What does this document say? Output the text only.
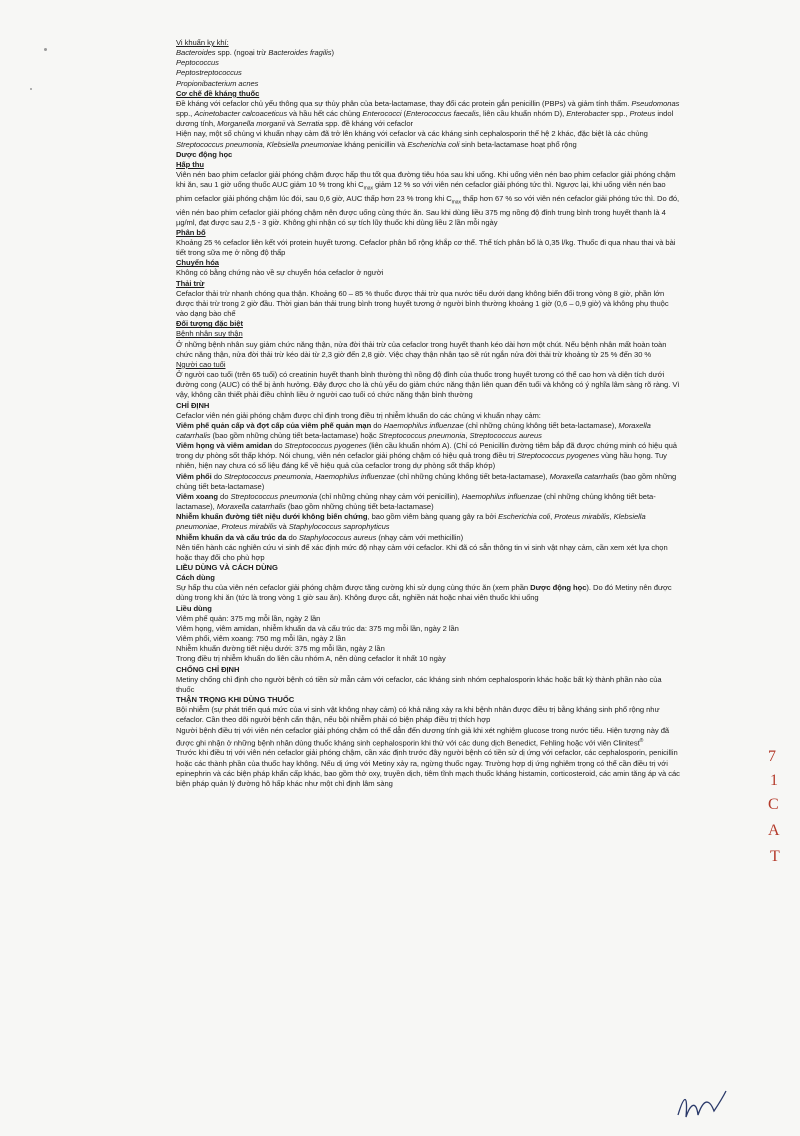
Vi khuẩn kỵ khí:

Bacteroides spp. (ngoại trừ Bacteroides fragilis)

Peptococcus

Peptostreptococcus

Propionibacterium acnes

Cơ chế đề kháng thuốc

Đề kháng với cefaclor chủ yếu thông qua sự thủy phân của beta-lactamase, thay đổi các protein gắn penicillin (PBPs) và giảm tính thấm. Pseudomonas spp., Acinetobacter calcoaceticus và hầu hết các chủng Enterococci (Enterococcus faecalis, liên cầu khuẩn nhóm D), Enterobacter spp., Proteus indol dương tính, Morganella morganii và Serratia spp. đề kháng với cefaclor

Hiện nay, một số chủng vi khuẩn nhạy cảm đã trở lên kháng với cefaclor và các kháng sinh cephalosporin thế hệ 2 khác, đặc biệt là các chủng Streptococcus pneumonia, Klebsiella pneumoniae kháng penicillin và Escherichia coli sinh beta-lactamase hoạt phổ rộng

Dược động học

Hấp thu

Viên nén bao phim cefaclor giải phóng chậm được hấp thu tốt qua đường tiêu hóa sau khi uống. Khi uống viên nén bao phim cefaclor giải phóng chậm khi ăn, sau 1 giờ uống thuốc AUC giảm 10 % trong khi $C_{max}$ giảm 12 % so với viên nén cefaclor giải phóng tức thì. Ngược lại, khi uống viên nén bao phim cefaclor giải phóng chậm lúc đói, sau 0,6 giờ, AUC thấp hơn 23 % trong khi $C_{max}$ thấp hơn 67 % so với viên nén cefaclor giải phóng tức thì. Do đó, viên nén bao phim cefaclor giải phóng chậm nên được uống cùng thức ăn. Sau khi dùng liều 375 mg nồng độ đỉnh trung bình trong huyết thanh là 4 µg/ml, đạt được sau 2,5 - 3 giờ. Không ghi nhận có sự tích lũy thuốc khi dùng liều 2 lần mỗi ngày

Phân bố

Khoảng 25 % cefaclor liên kết với protein huyết tương. Cefaclor phân bố rộng khắp cơ thể. Thể tích phân bố là 0,35 l/kg. Thuốc đi qua nhau thai và bài tiết trong sữa mẹ ở nồng độ thấp

Chuyển hóa

Không có bằng chứng nào về sự chuyển hóa cefaclor ở người

Thải trừ

Cefaclor thải trừ nhanh chóng qua thận. Khoảng 60 – 85 % thuốc được thải trừ qua nước tiểu dưới dạng không biến đổi trong vòng 8 giờ, phần lớn được thải trừ trong 2 giờ đầu. Thời gian bán thải trung bình trong huyết tương ở người bình thường khoảng 1 giờ (0,6 – 0,9 giờ) và không phụ thuộc vào dạng bào chế

Đối tượng đặc biệt

Bệnh nhân suy thận

Ở những bệnh nhân suy giảm chức năng thận, nửa đời thải trừ của cefaclor trong huyết thanh kéo dài hơn một chút. Nếu bệnh nhân mất hoàn toàn chức năng thận, nửa đời thải trừ kéo dài từ 2,3 giờ đến 2,8 giờ. Việc chạy thận nhân tạo sẽ rút ngắn nửa đời thải trừ khoảng từ 25 % đến 30 %

Người cao tuổi

Ở người cao tuổi (trên 65 tuổi) có creatinin huyết thanh bình thường thì nồng độ đỉnh của thuốc trong huyết tương có thể cao hơn và diện tích dưới đường cong (AUC) có thể bị ảnh hưởng. Đây được cho là chủ yếu do giảm chức năng thận liên quan đến tuổi và không có ý nghĩa lâm sàng rõ ràng. Vì vậy, không cần thiết phải điều chỉnh liều ở người cao tuổi có chức năng thận bình thường

CHỈ ĐỊNH

Cefaclor viên nén giải phóng chậm được chỉ định trong điều trị nhiễm khuẩn do các chủng vi khuẩn nhạy cảm:

Viêm phế quản cấp và đợt cấp của viêm phế quản mạn do Haemophilus influenzae (chỉ những chủng không tiết beta-lactamase), Moraxella catarrhalis (bao gồm những chủng tiết beta-lactamase) hoặc Streptococcus pneumonia, Streptococcus aureus

Viêm họng và viêm amidan do Streptococcus pyogenes (liên cầu khuẩn nhóm A). (Chỉ có Penicillin đường tiêm bắp đã được chứng minh có hiệu quả trong dự phòng sốt thấp khớp. Nói chung, viên nén cefaclor giải phóng chậm có hiệu quả trong điều trị Streptococcus pyogenes vùng hầu họng. Tuy nhiên, hiện nay chưa có số liệu đáng kể về hiệu quả của cefaclor trong dự phòng sốt thấp khớp)

Viêm phổi do Streptococcus pneumonia, Haemophilus influenzae (chỉ những chủng không tiết beta-lactamase), Moraxella catarrhalis (bao gồm những chủng tiết beta-lactamase)

Viêm xoang do Streptococcus pneumonia (chỉ những chủng nhạy cảm với penicillin), Haemophilus influenzae (chỉ những chủng không tiết beta-lactamase), Moraxella catarrhalis (bao gồm những chủng tiết beta-lactamase)

Nhiễm khuẩn đường tiết niệu dưới không biến chứng, bao gồm viêm bàng quang gây ra bởi Escherichia coli, Proteus mirabilis, Klebsiella pneumoniae, Proteus mirabilis và Staphylococcus saprophyticus

Nhiễm khuẩn da và cấu trúc da do Staphylococcus aureus (nhạy cảm với methicillin)

Nên tiến hành các nghiên cứu vi sinh để xác định mức độ nhạy cảm với cefaclor. Khi đã có sẵn thông tin vi sinh vật nhạy cảm, cần xem xét lựa chọn hoặc thay đổi cho phù hợp

LIỀU DÙNG VÀ CÁCH DÙNG

Cách dùng

Sự hấp thu của viên nén cefaclor giải phóng chậm được tăng cường khi sử dụng cùng thức ăn (xem phần Dược động học). Do đó Metiny nên được dùng trong khi ăn (tức là trong vòng 1 giờ sau ăn). Không được cắt, nghiền nát hoặc nhai viên thuốc khi uống

Liều dùng

Viêm phế quản: 375 mg mỗi lần, ngày 2 lần

Viêm họng, viêm amidan, nhiễm khuẩn da và cấu trúc da: 375 mg mỗi lần, ngày 2 lần

Viêm phổi, viêm xoang: 750 mg mỗi lần, ngày 2 lần

Nhiễm khuẩn đường tiết niệu dưới: 375 mg mỗi lần, ngày 2 lần

Trong điều trị nhiễm khuẩn do liên cầu nhóm A, nên dùng cefaclor ít nhất 10 ngày

CHỐNG CHỈ ĐỊNH

Metiny chống chỉ định cho người bệnh có tiền sử mẫn cảm với cefaclor, các kháng sinh nhóm cephalosporin khác hoặc bất kỳ thành phần nào của thuốc

THẬN TRỌNG KHI DÙNG THUỐC

Bội nhiễm (sự phát triển quá mức của vi sinh vật không nhạy cảm) có khả năng xảy ra khi bệnh nhân được điều trị bằng kháng sinh phổ rộng như cefaclor. Cần theo dõi người bệnh cẩn thận, nếu bội nhiễm phải có biện pháp điều trị thích hợp

Người bệnh điều trị với viên nén cefaclor giải phóng chậm có thể dẫn đến dương tính giả khi xét nghiệm glucose trong nước tiểu. Hiện tượng này đã được ghi nhận ở những bệnh nhân dùng thuốc kháng sinh cephalosporin khi thử với các dung dịch Benedict, Fehling hoặc với viên Clinitest®

Trước khi điều trị với viên nén cefaclor giải phóng chậm, cần xác định trước đây người bệnh có tiền sử dị ứng với cefaclor, các cephalosporin, penicillin hoặc các thành phần của thuốc hay không. Nếu dị ứng với Metiny xảy ra, ngừng thuốc ngay. Trường hợp dị ứng nghiêm trọng có thể cần điều trị với epinephrin và các biện pháp khẩn cấp khác, bao gồm thở oxy, truyền dịch, tiêm tĩnh mạch thuốc kháng histamin, corticosteroid, các amin tăng áp và các biện pháp quản lý đường hô hấp khác như một chỉ định lâm sàng

7
1
C
A
T
